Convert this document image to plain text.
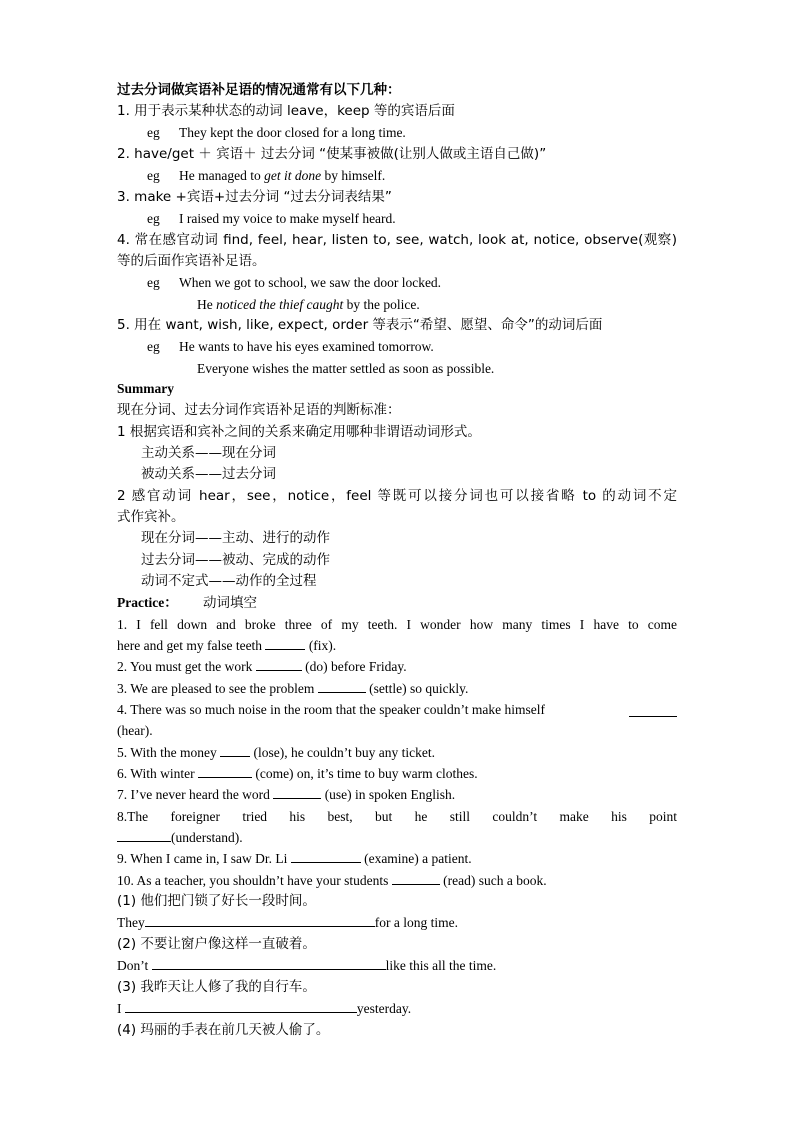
过去分词做宾语补足语的情况通常有以下几种：
1. 用于表示某种状态的动词 leave，keep 等的宾语后面
eg They kept the door closed for a long time.
2. have/get ＋ 宾语＋ 过去分词 “使某事被做(让别人做或主语自己做)”
eg He managed to get it done by himself.
3. make +宾语+过去分词 “过去分词表结果”
eg I raised my voice to make myself heard.
4. 常在感官动词 find, feel, hear, listen to, see, watch, look at, notice, observe(观察)
等的后面作宾语补足语。
eg When we got to school, we saw the door locked.
He noticed the thief caught by the police.
5. 用在 want, wish, like, expect, order 等表示“希望、愿望、命令”的动词后面
eg He wants to have his eyes examined tomorrow.
Everyone wishes the matter settled as soon as possible.
Summary
现在分词、过去分词作宾语补足语的判断标准：
1 根据宾语和宾补之间的关系来确定用哪种非谓语动词形式。
主动关系——现在分词
被动关系——过去分词
2 感官动词 hear，see，notice，feel 等既可以接分词也可以接省略 to 的动词不定
式作宾补。
现在分词——主动、进行的动作
过去分词——被动、完成的动作
动词不定式——动作的全过程
Practice： 动词填空
1. I fell down and broke three of my teeth. I wonder how many times I have to come
here and get my false teeth	(fix).
2. You must get the work	(do) before Friday.
3. We are pleased to see the problem	(settle) so quickly.
4. There was so much noise in the room that the speaker couldn’t make himself
(hear).
5. With the money  (lose), he couldn’t buy any ticket.
6. With winter	(come) on, it’s time to buy warm clothes.
7. I’ve never heard the word	(use) in spoken English.
8.The foreigner tried his best, but he still couldn’t make his point
(understand).
9. When I came in, I saw Dr. Li	(examine) a patient.
10. As a teacher, you shouldn’t have your students	(read) such a book.
(1) 他们把门锁了好长一段时间。
They	for a long time.
(2) 不要让窗户像这样一直破着。
Don’t	like this all the time.
(3) 我昨天让人修了我的自行车。
I	yesterday.
(4) 玛丽的手表在前几天被人偷了。
